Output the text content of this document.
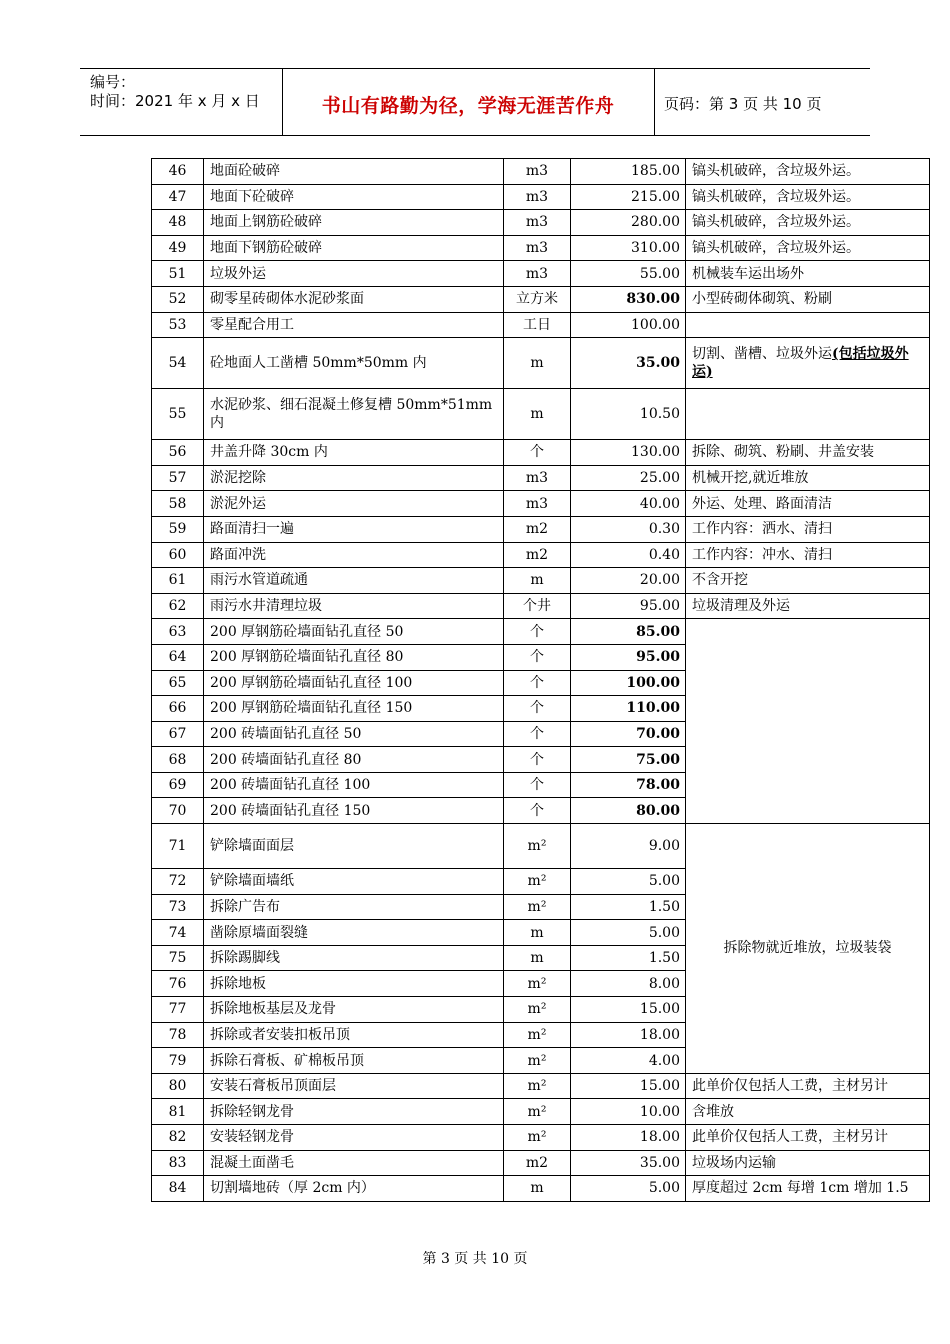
编号：
时间：2021 年 x 月 x 日	书山有路勤为径，学海无涯苦作舟	页码：第 3 页 共 10 页
46	地面砼破碎	m3	185.00	镐头机破碎，含垃圾外运。
47	地面下砼破碎	m3	215.00	镐头机破碎，含垃圾外运。
48	地面上钢筋砼破碎	m3	280.00	镐头机破碎，含垃圾外运。
49	地面下钢筋砼破碎	m3	310.00	镐头机破碎，含垃圾外运。
51	垃圾外运	m3	55.00	机械装车运出场外
52	砌零星砖砌体水泥砂浆面	立方米	830.00	小型砖砌体砌筑、粉刷
53	零星配合用工	工日	100.00	
54	砼地面人工凿槽 50mm*50mm 内	m	35.00	切割、凿槽、垃圾外运(包括垃圾外运)
55	水泥砂浆、细石混凝土修复槽 50mm*51mm 内	m	10.50	
56	井盖升降 30cm 内	个	130.00	拆除、砌筑、粉刷、井盖安装
57	淤泥挖除	m3	25.00	机械开挖,就近堆放
58	淤泥外运	m3	40.00	外运、处理、路面清洁
59	路面清扫一遍	m2	0.30	工作内容：洒水、清扫
60	路面冲洗	m2	0.40	工作内容：冲水、清扫
61	雨污水管道疏通	m	20.00	不含开挖
62	雨污水井清理垃圾	个井	95.00	垃圾清理及外运
63	200 厚钢筋砼墙面钻孔直径 50	个	85.00	
64	200 厚钢筋砼墙面钻孔直径 80	个	95.00	
65	200 厚钢筋砼墙面钻孔直径 100	个	100.00	
66	200 厚钢筋砼墙面钻孔直径 150	个	110.00	
67	200 砖墙面钻孔直径 50	个	70.00	
68	200 砖墙面钻孔直径 80	个	75.00	
69	200 砖墙面钻孔直径 100	个	78.00	
70	200 砖墙面钻孔直径 150	个	80.00	
71	铲除墙面面层	m²	9.00	拆除物就近堆放，垃圾装袋
72	铲除墙面墙纸	m²	5.00	
73	拆除广告布	m²	1.50	
74	凿除原墙面裂缝	m	5.00	
75	拆除踢脚线	m	1.50	
76	拆除地板	m²	8.00	
77	拆除地板基层及龙骨	m²	15.00	
78	拆除或者安装扣板吊顶	m²	18.00	
79	拆除石膏板、矿棉板吊顶	m²	4.00	
80	安装石膏板吊顶面层	m²	15.00	此单价仅包括人工费，主材另计
81	拆除轻钢龙骨	m²	10.00	含堆放
82	安装轻钢龙骨	m²	18.00	此单价仅包括人工费，主材另计
83	混凝土面凿毛	m2	35.00	垃圾场内运输
84	切割墙地砖（厚 2cm 内）	m	5.00	厚度超过 2cm 每增 1cm 增加 1.5
第 3 页 共 10 页
